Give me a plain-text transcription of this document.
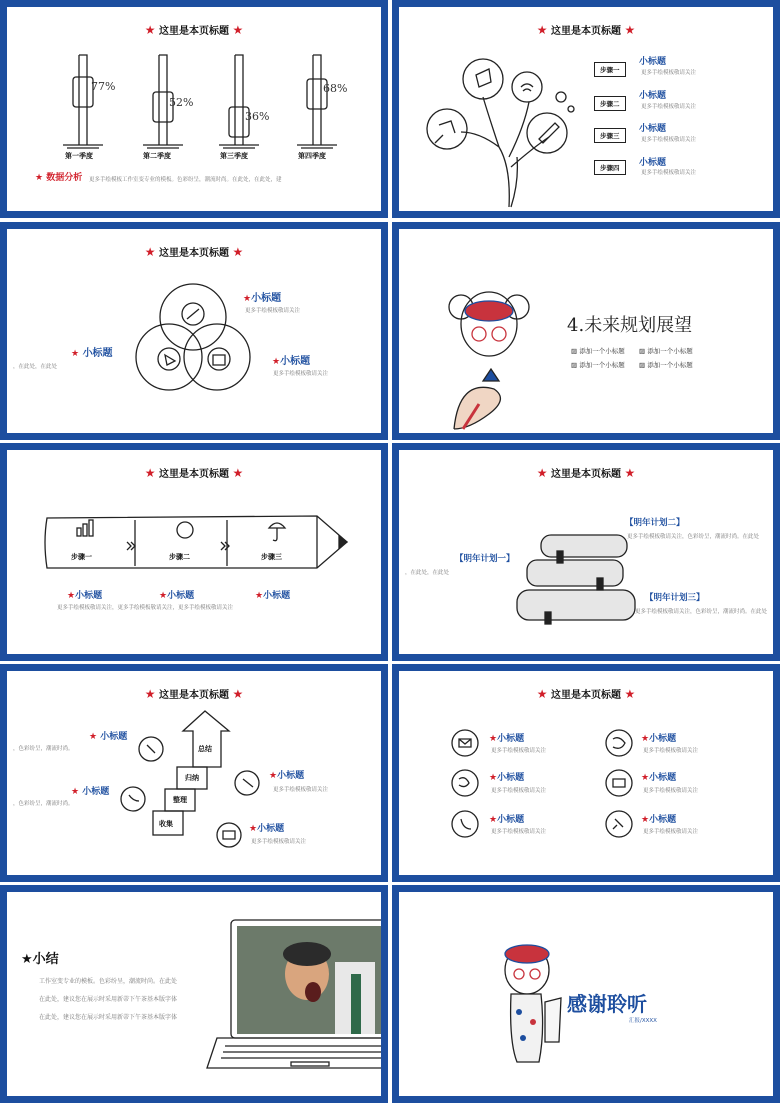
★ 这里是本页标题 ★
77%
52%
36%
68%
第一季度	第二季度	第三季度	第四季度
★ 数据分析 更多手绘模板工作室变专业的模板。色彩纷呈，潮流时尚。在此处，在此处，建
★ 这里是本页标题 ★
步骤一
步骤二
步骤三
步骤四
小标题
更多手绘模板敬请关注
小标题
更多手绘模板敬请关注
小标题
更多手绘模板敬请关注
小标题
更多手绘模板敬请关注
★ 这里是本页标题 ★
★小标题
更多手绘模板敬请关注
★ 小标题
，在此处，在此处	★小标题
更多手绘模板敬请关注
4.未来规划展望
▨ 添加一个小标题 ▨ 添加一个小标题
▨ 添加一个小标题 ▨ 添加一个小标题
★ 这里是本页标题 ★
步骤一	步骤二	步骤三
★小标题	★小标题	★小标题
更多手绘模板敬请关注，更多手绘模板敬请关注，更多手绘模板敬请关注
★ 这里是本页标题 ★
【明年计划一】
，在此处，在此处
【明年计划二】
更多手绘模板敬请关注，色彩纷呈，潮流时尚。在此处
【明年计划三】
更多手绘模板敬请关注，色彩纷呈，潮流时尚。在此处
★ 这里是本页标题 ★
总结
归纳
整理
收集
★ 小标题
，色彩纷呈，潮流时尚。
★ 小标题
，色彩纷呈，潮流时尚。
★小标题
更多手绘模板敬请关注
★小标题
更多手绘模板敬请关注
★ 这里是本页标题 ★
★小标题
更多手绘模板敬请关注
★小标题
更多手绘模板敬请关注
★小标题
更多手绘模板敬请关注
★小标题
更多手绘模板敬请关注
★小标题
更多手绘模板敬请关注
★小标题
更多手绘模板敬请关注
★小结
工作室变专业的模板。色彩纷呈，潮流时尚。在此处
在此处，建议您在展示时采用新蒂下午茶基本版字体
在此处，建议您在展示时采用新蒂下午茶基本版字体
感谢聆听
汇报/XXXX
